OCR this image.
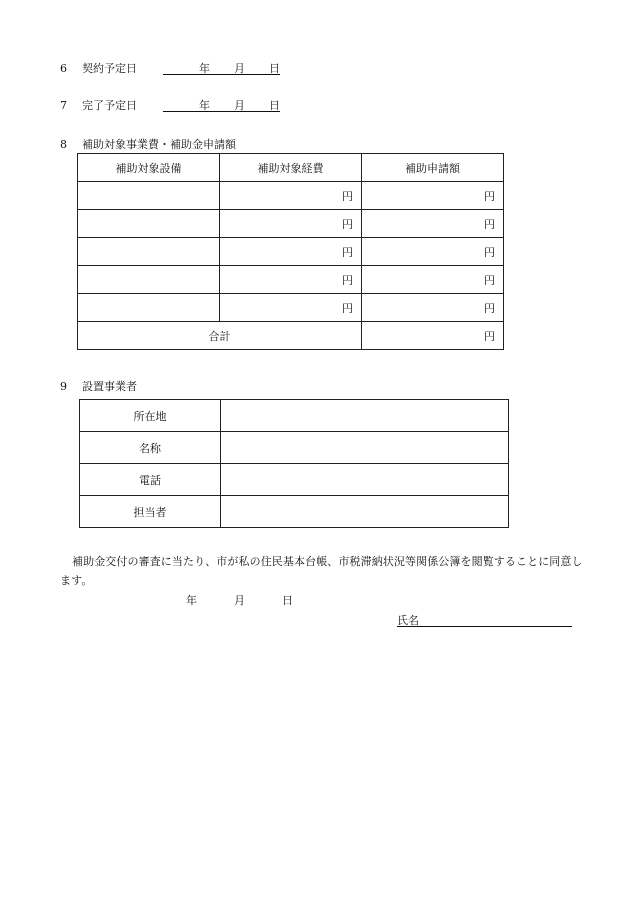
6 契約予定日	年 月 日
7 完了予定日	年 月 日
8 補助対象事業費・補助金申請額
補助対象設備	補助対象経費	補助申請額
	円	円
	円	円
	円	円
	円	円
	円	円
合計		円
9 設置事業者
所在地	
名称	
電話	
担当者	
補助金交付の審査に当たり、市が私の住民基本台帳、市税滞納状況等関係公簿を閲覧することに同意します。
年	月	日
氏名
